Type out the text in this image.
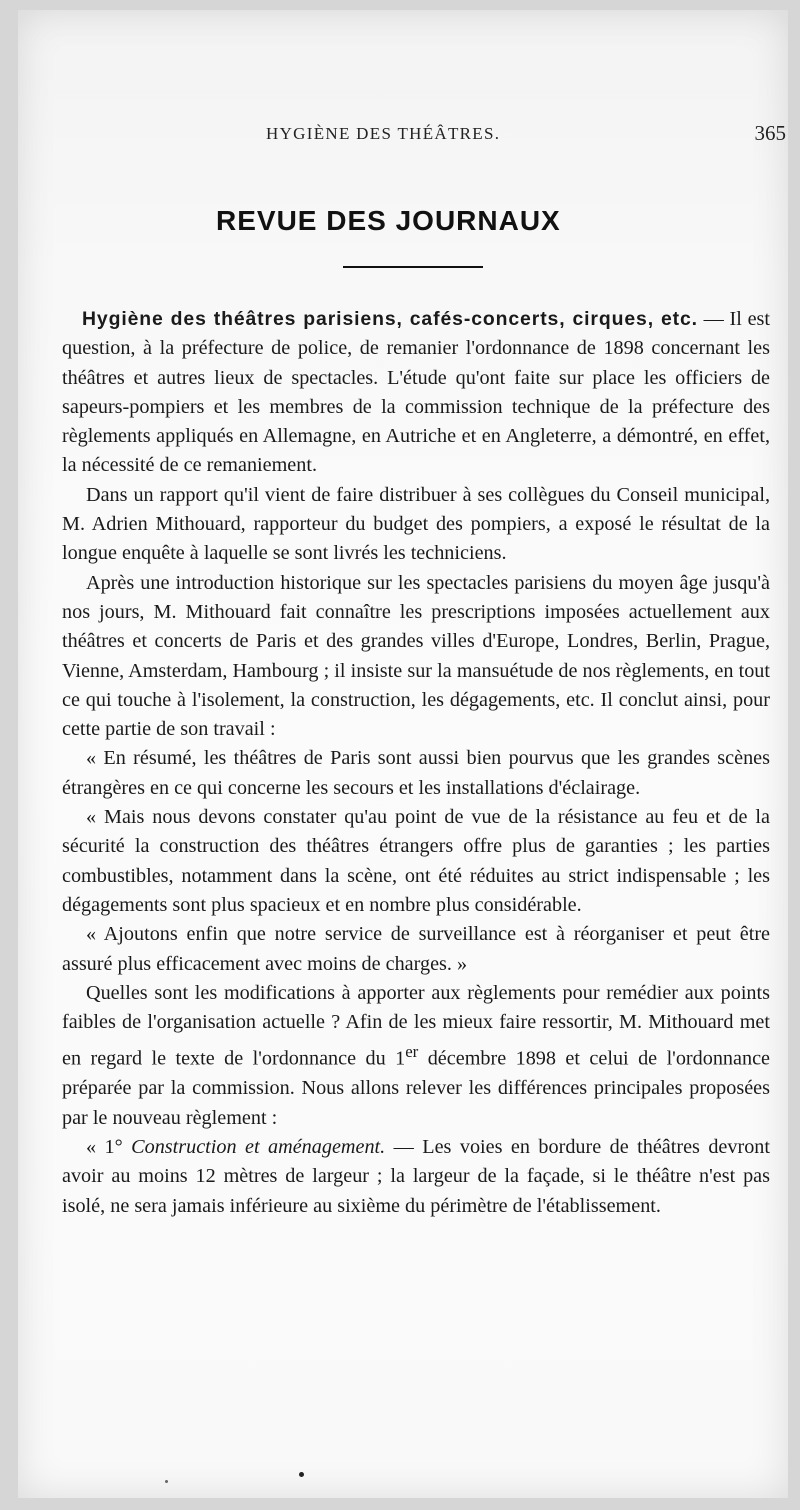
HYGIÈNE DES THÉÂTRES.	365
REVUE DES JOURNAUX

Hygiène des théâtres parisiens, cafés-concerts, cirques, etc. — Il est question, à la préfecture de police, de remanier l'ordonnance de 1898 concernant les théâtres et autres lieux de spectacles. L'étude qu'ont faite sur place les officiers de sapeurs-pompiers et les membres de la commission technique de la préfecture des règlements appliqués en Allemagne, en Autriche et en Angleterre, a démontré, en effet, la nécessité de ce remaniement.

Dans un rapport qu'il vient de faire distribuer à ses collègues du Conseil municipal, M. Adrien Mithouard, rapporteur du budget des pompiers, a exposé le résultat de la longue enquête à laquelle se sont livrés les techniciens.

Après une introduction historique sur les spectacles parisiens du moyen âge jusqu'à nos jours, M. Mithouard fait connaître les prescriptions imposées actuellement aux théâtres et concerts de Paris et des grandes villes d'Europe, Londres, Berlin, Prague, Vienne, Amsterdam, Hambourg ; il insiste sur la mansuétude de nos règlements, en tout ce qui touche à l'isolement, la construction, les dégagements, etc. Il conclut ainsi, pour cette partie de son travail :

« En résumé, les théâtres de Paris sont aussi bien pourvus que les grandes scènes étrangères en ce qui concerne les secours et les installations d'éclairage.

« Mais nous devons constater qu'au point de vue de la résistance au feu et de la sécurité la construction des théâtres étrangers offre plus de garanties ; les parties combustibles, notamment dans la scène, ont été réduites au strict indispensable ; les dégagements sont plus spacieux et en nombre plus considérable.

« Ajoutons enfin que notre service de surveillance est à réorganiser et peut être assuré plus efficacement avec moins de charges. »

Quelles sont les modifications à apporter aux règlements pour remédier aux points faibles de l'organisation actuelle ? Afin de les mieux faire ressortir, M. Mithouard met en regard le texte de l'ordonnance du 1er décembre 1898 et celui de l'ordonnance préparée par la commission. Nous allons relever les différences principales proposées par le nouveau règlement :

« 1° Construction et aménagement. — Les voies en bordure de théâtres devront avoir au moins 12 mètres de largeur ; la largeur de la façade, si le théâtre n'est pas isolé, ne sera jamais inférieure au sixième du périmètre de l'établissement.
